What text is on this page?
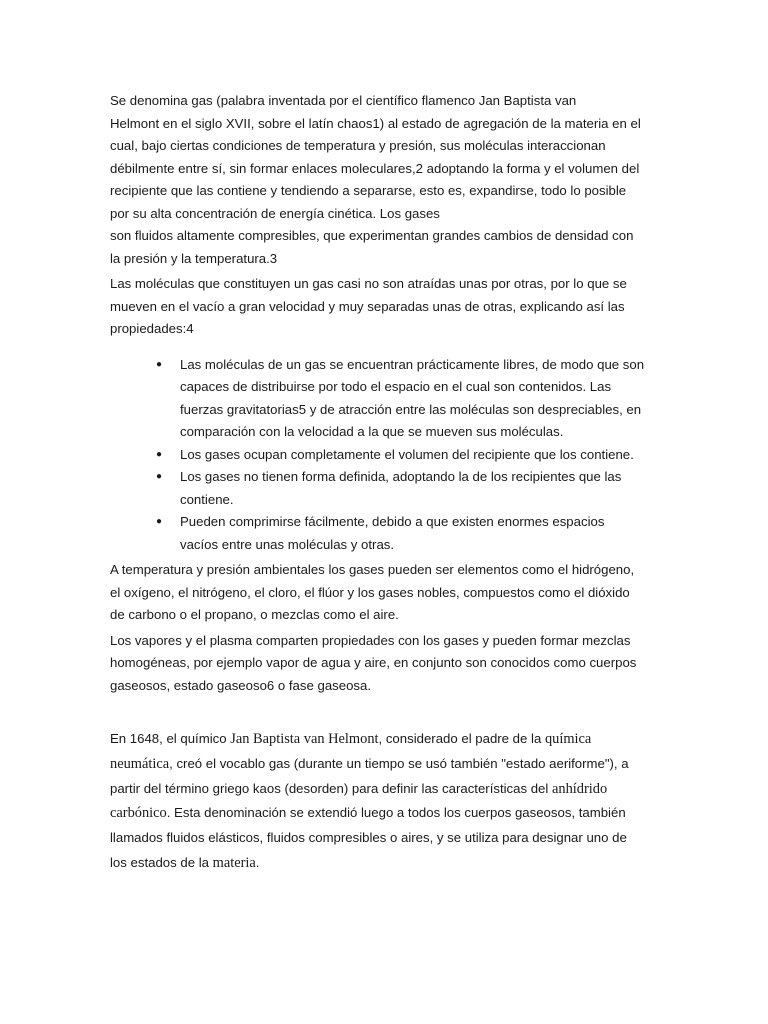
Se denomina gas (palabra inventada por el científico flamenco Jan Baptista van
Helmont en el siglo XVII, sobre el latín chaos1) al estado de agregación de la materia en el
cual, bajo ciertas condiciones de temperatura y presión, sus moléculas interaccionan
débilmente entre sí, sin formar enlaces moleculares,2 adoptando la forma y el volumen del
recipiente que las contiene y tendiendo a separarse, esto es, expandirse, todo lo posible
por su alta concentración de energía cinética. Los gases
son fluidos altamente compresibles, que experimentan grandes cambios de densidad con
la presión y la temperatura.3
Las moléculas que constituyen un gas casi no son atraídas unas por otras, por lo que se
mueven en el vacío a gran velocidad y muy separadas unas de otras, explicando así las
propiedades:4
● Las moléculas de un gas se encuentran prácticamente libres, de modo que son
capaces de distribuirse por todo el espacio en el cual son contenidos. Las
fuerzas gravitatorias5 y de atracción entre las moléculas son despreciables, en
comparación con la velocidad a la que se mueven sus moléculas.
● Los gases ocupan completamente el volumen del recipiente que los contiene.
● Los gases no tienen forma definida, adoptando la de los recipientes que las
contiene.
● Pueden comprimirse fácilmente, debido a que existen enormes espacios
vacíos entre unas moléculas y otras.
A temperatura y presión ambientales los gases pueden ser elementos como el hidrógeno,
el oxígeno, el nitrógeno, el cloro, el flúor y los gases nobles, compuestos como el dióxido
de carbono o el propano, o mezclas como el aire.
Los vapores y el plasma comparten propiedades con los gases y pueden formar mezclas
homogéneas, por ejemplo vapor de agua y aire, en conjunto son conocidos como cuerpos
gaseosos, estado gaseoso6 o fase gaseosa.
En 1648, el químico Jan Baptista van Helmont, considerado el padre de la química
neumática, creó el vocablo gas (durante un tiempo se usó también "estado aeriforme"), a
partir del término griego kaos (desorden) para definir las características del anhídrido
carbónico. Esta denominación se extendió luego a todos los cuerpos gaseosos, también
llamados fluidos elásticos, fluidos compresibles o aires, y se utiliza para designar uno de
los estados de la materia.
